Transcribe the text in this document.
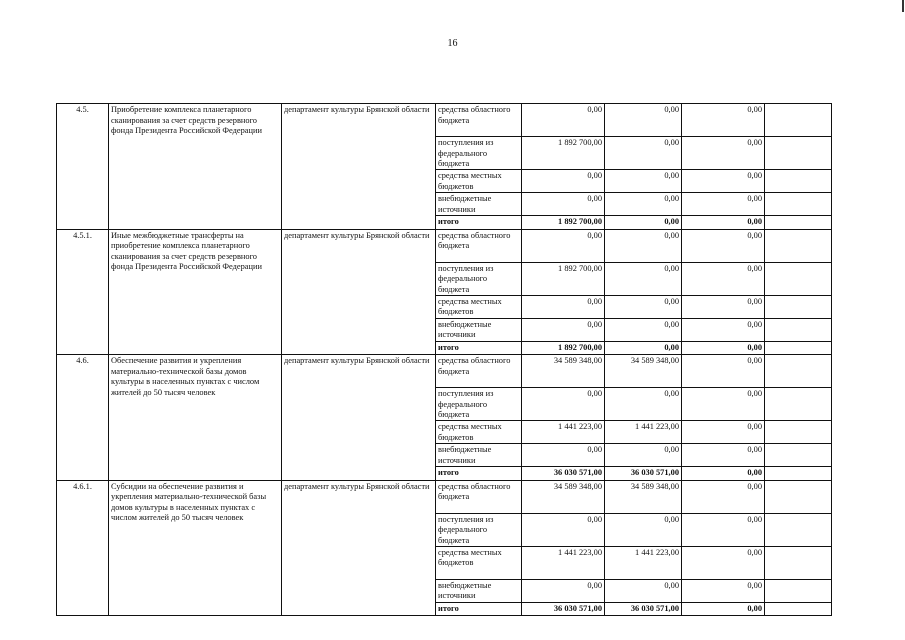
16
4.5.	Приобретение комплекса планетарного сканирования за счет средств резервного фонда Президента Российской Федерации	департамент культуры Брянской области	средства областного бюджета	0,00	0,00	0,00	

			поступления из федерального бюджета	1 892 700,00	0,00	0,00	

			средства местных бюджетов	0,00	0,00	0,00	

			внебюджетные источники	0,00	0,00	0,00	

			итого	1 892 700,00	0,00	0,00	
4.5.1.	Иные межбюджетные трансферты на приобретение комплекса планетарного сканирования за счет средств резервного фонда Президента Российской Федерации	департамент культуры Брянской области	средства областного бюджета	0,00	0,00	0,00	

			поступления из федерального бюджета	1 892 700,00	0,00	0,00	

			средства местных бюджетов	0,00	0,00	0,00	

			внебюджетные источники	0,00	0,00	0,00	

			итого	1 892 700,00	0,00	0,00	
4.6.	Обеспечение развития и укрепления материально-технической базы домов культуры в населенных пунктах с числом жителей до 50 тысяч человек	департамент культуры Брянской области	средства областного бюджета	34 589 348,00	34 589 348,00	0,00	

			поступления из федерального бюджета	0,00	0,00	0,00	

			средства местных бюджетов	1 441 223,00	1 441 223,00	0,00	

			внебюджетные источники	0,00	0,00	0,00	

			итого	36 030 571,00	36 030 571,00	0,00	
4.6.1.	Субсидии на обеспечение развития и укрепления материально-технической базы домов культуры в населенных пунктах с числом жителей до 50 тысяч человек	департамент культуры Брянской области	средства областного бюджета	34 589 348,00	34 589 348,00	0,00	

			поступления из федерального бюджета	0,00	0,00	0,00	

			средства местных бюджетов	1 441 223,00	1 441 223,00	0,00	

			внебюджетные источники	0,00	0,00	0,00	

			итого	36 030 571,00	36 030 571,00	0,00	
